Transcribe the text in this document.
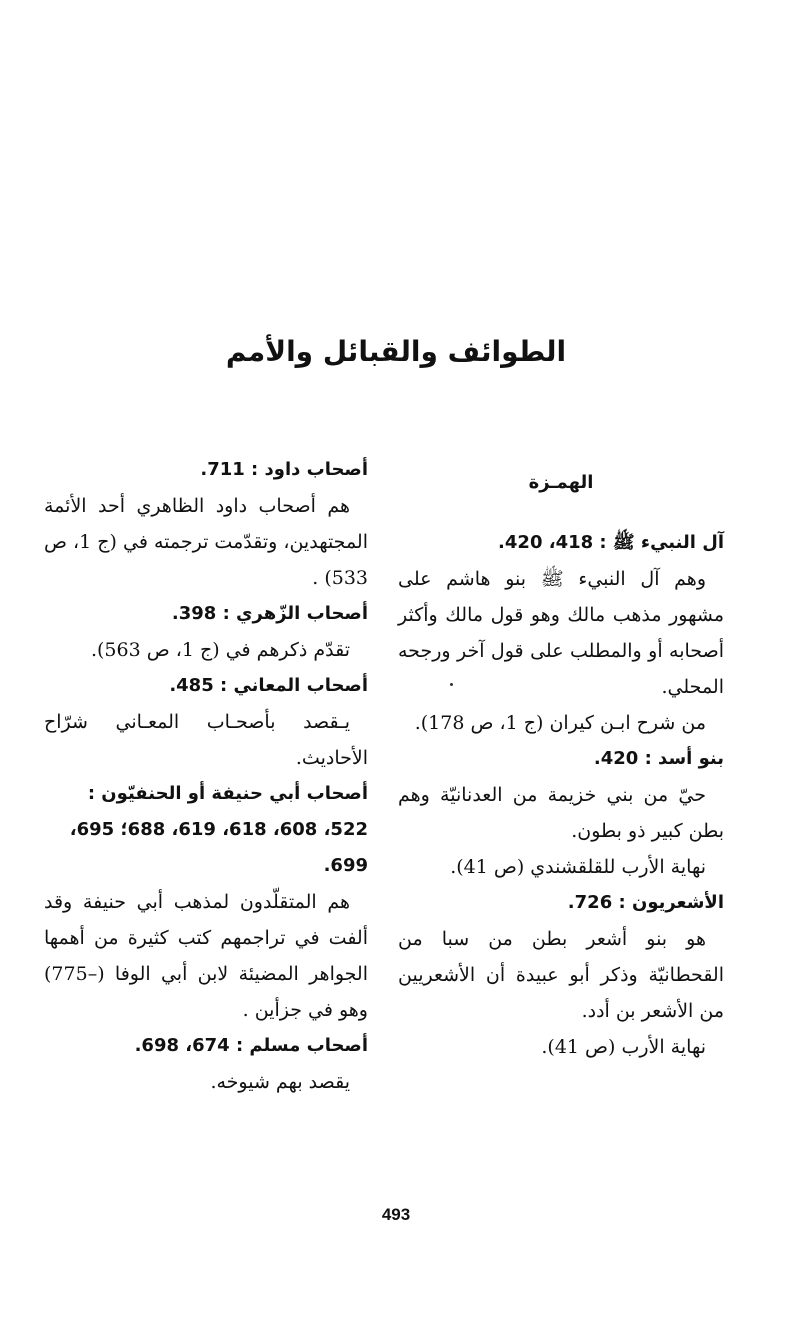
الطوائف والقبائل والأمم
الهمـزة
آل النبيء ﷺ : 418، 420.
وهم آل النبيء ﷺ بنو هاشم على مشهور مذهب مالك وهو قول مالك وأكثر أصحابه أو والمطلب على قول آخر ورجحه المحلي.
من شرح ابـن كيران (ج 1، ص 178).
بنو أسد : 420.
حيّ من بني خزيمة من العدنانيّة وهم بطن كبير ذو بطون.
نهاية الأرب للقلقشندي (ص 41).
الأشعريون : 726.
هو بنو أشعر بطن من سبا من القحطانيّة وذكر أبو عبيدة أن الأشعريين من الأشعر بن أدد.
نهاية الأرب (ص 41).
أصحاب داود : 711.
هم أصحاب داود الظاهري أحد الأئمة المجتهدين، وتقدّمت ترجمته في (ج 1، ص 533) .
أصحاب الزّهري : 398.
تقدّم ذكرهم في (ج 1، ص 563).
أصحاب المعاني : 485.
يـقصد بأصحـاب المعـاني شرّاح الأحاديث.
أصحاب أبي حنيفة أو الحنفيّون : 522، 608، 618، 619، 688؛ 695، 699.
هم المتقلّدون لمذهب أبي حنيفة وقد ألفت في تراجمهم كتب كثيرة من أهمها الجواهر المضيئة لابن أبي الوفا (–775) وهو في جزأين .
أصحاب مسلم : 674، 698.
يقصد بهم شيوخه.
493
